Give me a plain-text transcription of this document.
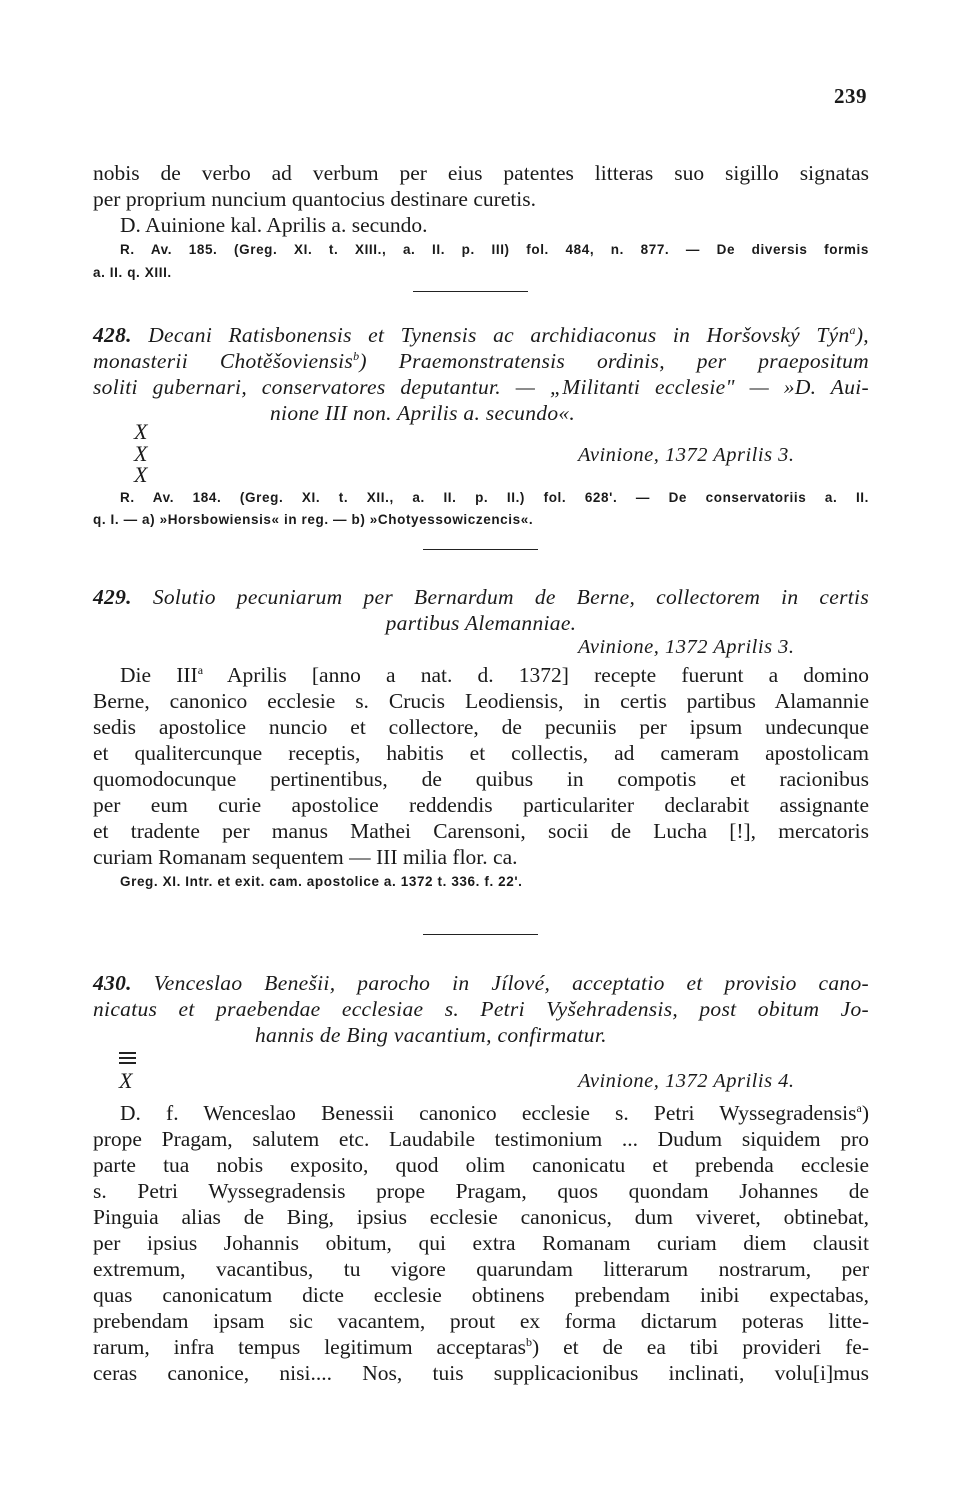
239
nobis de verbo ad verbum per eius patentes litteras suo sigillo signatas
per proprium nuncium quantocius destinare curetis.
D. Auinione kal. Aprilis a. secundo.
R. Av. 185. (Greg. XI. t. XIII., a. II. p. III) fol. 484, n. 877. — De diversis formis
a. II. q. XIII.
428. Decani Ratisbonensis et Tynensis ac archidiaconus in Horšovský Týn$^a$),
monasterii Chotěšoviensis$^b$) Praemonstratensis ordinis, per praepositum
soliti gubernari, conservatores deputantur. — „Militanti ecclesie" — »D. Aui-
nione III non. Aprilis a. secundo«.
X
X
X
Avinione, 1372 Aprilis 3.
R. Av. 184. (Greg. XI. t. XII., a. II. p. II.) fol. 628'. — De conservatoriis a. II.
q. I. — a) »Horsbowiensis« in reg. — b) »Chotyessowiczencis«.
429. Solutio pecuniarum per Bernardum de Berne, collectorem in certis
partibus Alemanniae.
Avinione, 1372 Aprilis 3.
Die III$^a$ Aprilis [anno a nat. d. 1372] recepte fuerunt a domino
Berne, canonico ecclesie s. Crucis Leodiensis, in certis partibus Alamannie
sedis apostolice nuncio et collectore, de pecuniis per ipsum undecunque
et qualitercunque receptis, habitis et collectis, ad cameram apostolicam
quomodocunque pertinentibus, de quibus in compotis et racionibus
per eum curie apostolice reddendis particulariter declarabit assignante
et tradente per manus Mathei Carensoni, socii de Lucha [!], mercatoris
curiam Romanam sequentem — III milia flor. ca.
Greg. XI. Intr. et exit. cam. apostolice a. 1372 t. 336. f. 22'.
430. Venceslao Benešii, parocho in Jílové, acceptatio et provisio cano-
nicatus et praebendae ecclesiae s. Petri Vyšehradensis, post obitum Jo-
hannis de Bing vacantium, confirmatur.
X	Avinione, 1372 Aprilis 4.
D. f. Wenceslao Benessii canonico ecclesie s. Petri Wyssegradensis$^a$)
prope Pragam, salutem etc. Laudabile testimonium ... Dudum siquidem pro
parte tua nobis exposito, quod olim canonicatu et prebenda ecclesie
s. Petri Wyssegradensis prope Pragam, quos quondam Johannes de
Pinguia alias de Bing, ipsius ecclesie canonicus, dum viveret, obtinebat,
per ipsius Johannis obitum, qui extra Romanam curiam diem clausit
extremum, vacantibus, tu vigore quarundam litterarum nostrarum, per
quas canonicatum dicte ecclesie obtinens prebendam inibi expectabas,
prebendam ipsam sic vacantem, prout ex forma dictarum poteras litte-
rarum, infra tempus legitimum acceptaras$^b$) et de ea tibi provideri fe-
ceras canonice, nisi.... Nos, tuis supplicacionibus inclinati, volu[i]mus
